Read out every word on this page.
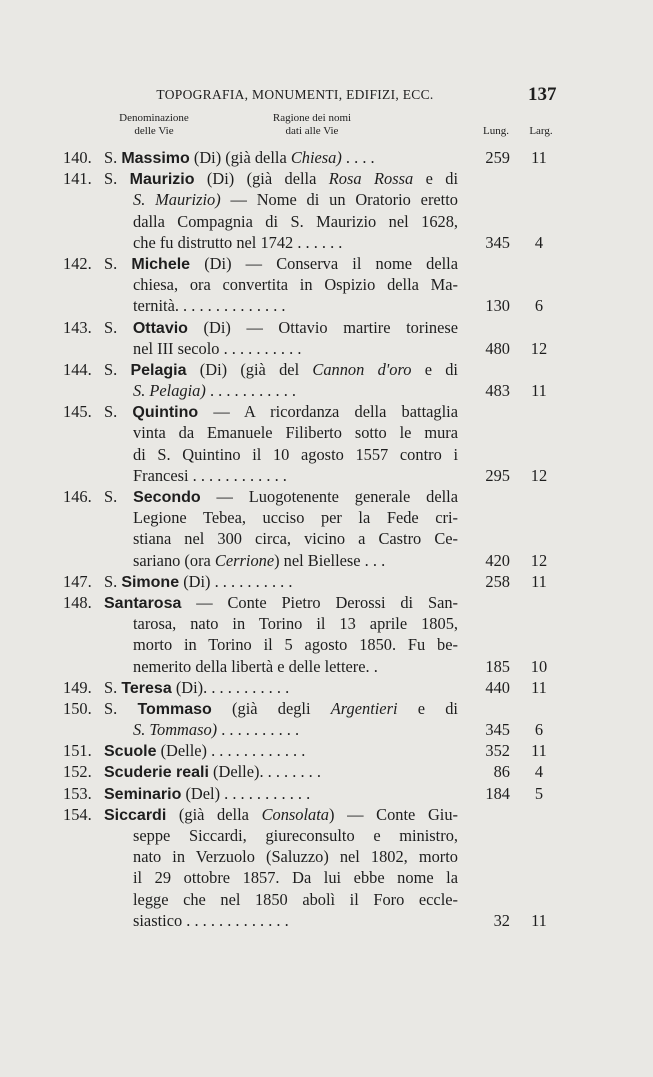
TOPOGRAFIA, MONUMENTI, EDIFIZI, ECC.	137
Denominazione
delle Vie
Ragione dei nomi
dati alle Vie	Lung.	Larg.
140. S. Massimo (Di) (già della Chiesa) . . . .	259 11
141. S. Maurizio (Di) (già della Rosa Rossa e di
S. Maurizio) — Nome di un Oratorio eretto
dalla Compagnia di S. Maurizio nel 1628,
che fu distrutto nel 1742 . . . . . .	345	4
142. S. Michele (Di) — Conserva il nome della
chiesa, ora convertita in Ospizio della Ma-
ternità. . . . . . . . . . . . . .	130	6
143. S. Ottavio (Di) — Ottavio martire torinese
nel III secolo . . . . . . . . . .	480 12
144. S. Pelagia (Di) (già del Cannon d'oro e di
S. Pelagia) . . . . . . . . . . .	483 11
145. S. Quintino — A ricordanza della battaglia
vinta da Emanuele Filiberto sotto le mura
di S. Quintino il 10 agosto 1557 contro i
Francesi . . . . . . . . . . . .	295 12
146. S. Secondo — Luogotenente generale della
Legione Tebea, ucciso per la Fede cri-
stiana nel 300 circa, vicino a Castro Ce-
sariano (ora Cerrione) nel Biellese . . .	420 12
147. S. Simone (Di) . . . . . . . . . .	258 11
148. Santarosa — Conte Pietro Derossi di San-
tarosa, nato in Torino il 13 aprile 1805,
morto in Torino il 5 agosto 1850. Fu be-
nemerito della libertà e delle lettere. .	185 10
149. S. Teresa (Di). . . . . . . . . . .	440 11
150. S. Tommaso (già degli Argentieri e di
S. Tommaso) . . . . . . . . . .	345	6
151. Scuole (Delle) . . . . . . . . . . . .	352 11
152. Scuderie reali (Delle). . . . . . . .	86	4
153. Seminario (Del) . . . . . . . . . . .	184	5
154. Siccardi (già della Consolata) — Conte Giu-
seppe Siccardi, giureconsulto e ministro,
nato in Verzuolo (Saluzzo) nel 1802, morto
il 29 ottobre 1857. Da lui ebbe nome la
legge che nel 1850 abolì il Foro eccle-
siastico . . . . . . . . . . . . .	32 11
